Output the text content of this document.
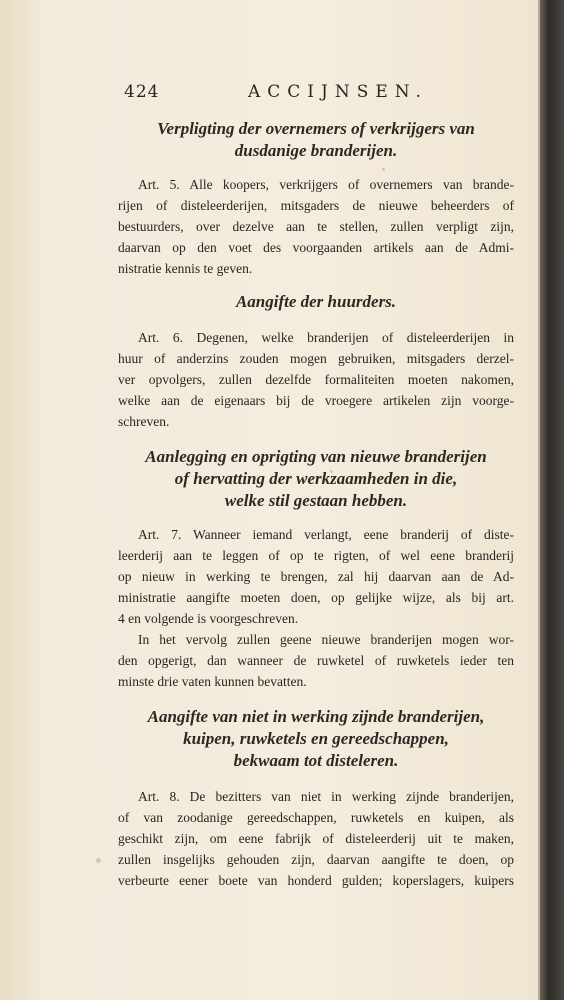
424	ACCIJNSEN.
Verpligting der overnemers of verkrijgers van
dusdanige branderijen.
Art. 5. Alle koopers, verkrijgers of overnemers van brande-
rijen of disteleerderijen, mitsgaders de nieuwe beheerders of
bestuurders, over dezelve aan te stellen, zullen verpligt zijn,
daarvan op den voet des voorgaanden artikels aan de Admi-
nistratie kennis te geven.
Aangifte der huurders.
Art. 6. Degenen, welke branderijen of disteleerderijen in
huur of anderzins zouden mogen gebruiken, mitsgaders derzel-
ver opvolgers, zullen dezelfde formaliteiten moeten nakomen,
welke aan de eigenaars bij de vroegere artikelen zijn voorge-
schreven.
Aanlegging en oprigting van nieuwe branderijen
of hervatting der werkzaamheden in die,
welke stil gestaan hebben.
Art. 7. Wanneer iemand verlangt, eene branderij of diste-
leerderij aan te leggen of op te rigten, of wel eene branderij
op nieuw in werking te brengen, zal hij daarvan aan de Ad-
ministratie aangifte moeten doen, op gelijke wijze, als bij art.
4 en volgende is voorgeschreven.
In het vervolg zullen geene nieuwe branderijen mogen wor-
den opgerigt, dan wanneer de ruwketel of ruwketels ieder ten
minste drie vaten kunnen bevatten.
Aangifte van niet in werking zijnde branderijen,
kuipen, ruwketels en gereedschappen,
bekwaam tot disteleren.
Art. 8. De bezitters van niet in werking zijnde branderijen,
of van zoodanige gereedschappen, ruwketels en kuipen, als
geschikt zijn, om eene fabrijk of disteleerderij uit te maken,
zullen insgelijks gehouden zijn, daarvan aangifte te doen, op
verbeurte eener boete van honderd gulden; koperslagers, kuipers
